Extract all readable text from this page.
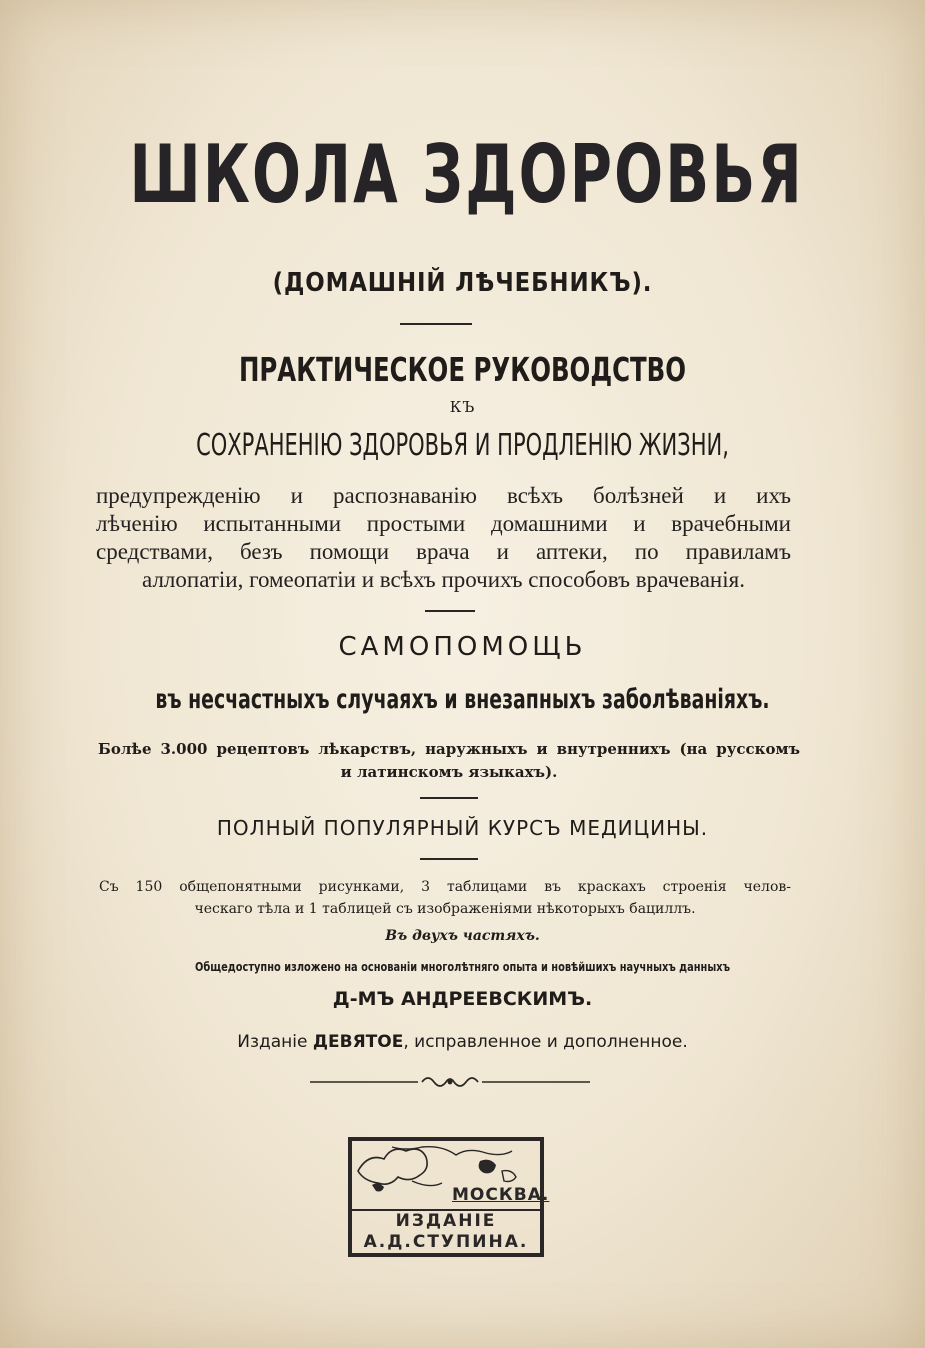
ШКОЛА ЗДОРОВЬЯ
(ДОМАШНІЙ ЛѢЧЕБНИКЪ).
ПРАКТИЧЕСКОЕ РУКОВОДСТВО
КЪ
СОХРАНЕНІЮ ЗДОРОВЬЯ И ПРОДЛЕНІЮ ЖИЗНИ,
предупрежденію и распознаванію всѣхъ болѣзней и ихъ
лѣченію испытанными простыми домашними и врачебными
средствами, безъ помощи врача и аптеки, по правиламъ
аллопатіи, гомеопатіи и всѣхъ прочихъ способовъ врачеванія.
САМОПОМОЩЬ
въ несчастныхъ случаяхъ и внезапныхъ заболѣваніяхъ.
Болѣе 3.000 рецептовъ лѣкарствъ, наружныхъ и внутреннихъ (на русскомъ
и латинскомъ языкахъ).
ПОЛНЫЙ ПОПУЛЯРНЫЙ КУРСЪ МЕДИЦИНЫ.
Съ 150 общепонятными рисунками, 3 таблицами въ краскахъ строенія челов-
ческаго тѣла и 1 таблицей съ изображеніями нѣкоторыхъ бациллъ.
Въ двухъ частяхъ.
Общедоступно изложено на основаніи многолѣтняго опыта и новѣйшихъ научныхъ данныхъ
Д-МЪ АНДРЕЕВСКИМЪ.
Изданіе ДЕВЯТОЕ, исправленное и дополненное.
МОСКВА.
ИЗДАНІЕ
А.Д.СТУПИНА.
